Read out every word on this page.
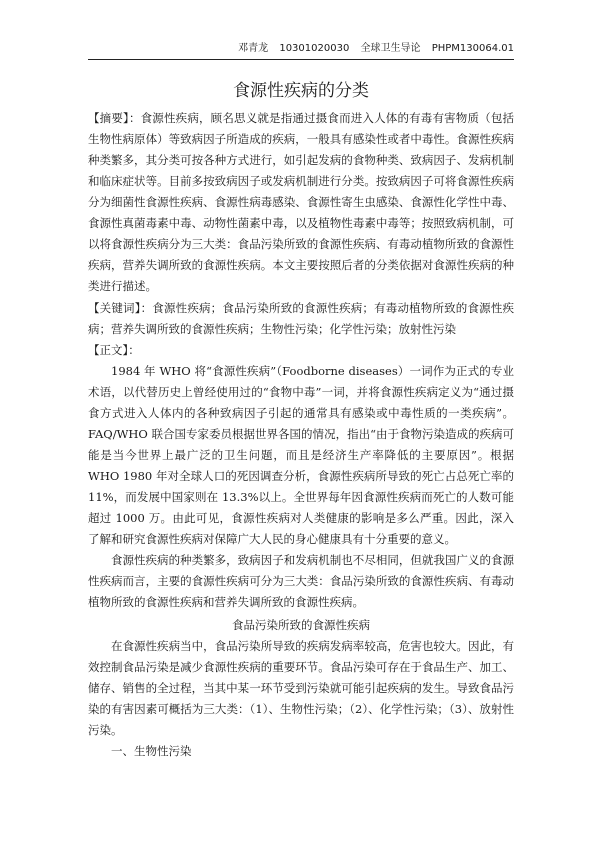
邓青龙 10301020030 全球卫生导论 PHPM130064.01
食源性疾病的分类

【摘要】：食源性疾病，顾名思义就是指通过摄食而进入人体的有毒有害物质（包括生物性病原体）等致病因子所造成的疾病，一般具有感染性或者中毒性。食源性疾病种类繁多，其分类可按各种方式进行，如引起发病的食物种类、致病因子、发病机制和临床症状等。目前多按致病因子或发病机制进行分类。按致病因子可将食源性疾病分为细菌性食源性疾病、食源性病毒感染、食源性寄生虫感染、食源性化学性中毒、食源性真菌毒素中毒、动物性菌素中毒，以及植物性毒素中毒等；按照致病机制，可以将食源性疾病分为三大类：食品污染所致的食源性疾病、有毒动植物所致的食源性疾病，营养失调所致的食源性疾病。本文主要按照后者的分类依据对食源性疾病的种类进行描述。

【关键词】：食源性疾病；食品污染所致的食源性疾病；有毒动植物所致的食源性疾病；营养失调所致的食源性疾病；生物性污染；化学性污染；放射性污染

【正文】：

1984 年 WHO 将“食源性疾病”（Foodborne diseases）一词作为正式的专业术语，以代替历史上曾经使用过的“食物中毒”一词，并将食源性疾病定义为“通过摄食方式进入人体内的各种致病因子引起的通常具有感染或中毒性质的一类疾病”。FAQ/WHO 联合国专家委员根据世界各国的情况，指出“由于食物污染造成的疾病可能是当今世界上最广泛的卫生问题，而且是经济生产率降低的主要原因”。根据 WHO 1980 年对全球人口的死因调查分析，食源性疾病所导致的死亡占总死亡率的 11%，而发展中国家则在 13.3%以上。全世界每年因食源性疾病而死亡的人数可能超过 1000 万。由此可见，食源性疾病对人类健康的影响是多么严重。因此，深入了解和研究食源性疾病对保障广大人民的身心健康具有十分重要的意义。

食源性疾病的种类繁多，致病因子和发病机制也不尽相同，但就我国广义的食源性疾病而言，主要的食源性疾病可分为三大类：食品污染所致的食源性疾病、有毒动植物所致的食源性疾病和营养失调所致的食源性疾病。

食品污染所致的食源性疾病

在食源性疾病当中，食品污染所导致的疾病发病率较高，危害也较大。因此，有效控制食品污染是减少食源性疾病的重要环节。食品污染可存在于食品生产、加工、储存、销售的全过程，当其中某一环节受到污染就可能引起疾病的发生。导致食品污染的有害因素可概括为三大类：（1）、生物性污染；（2）、化学性污染；（3）、放射性污染。

一、生物性污染
